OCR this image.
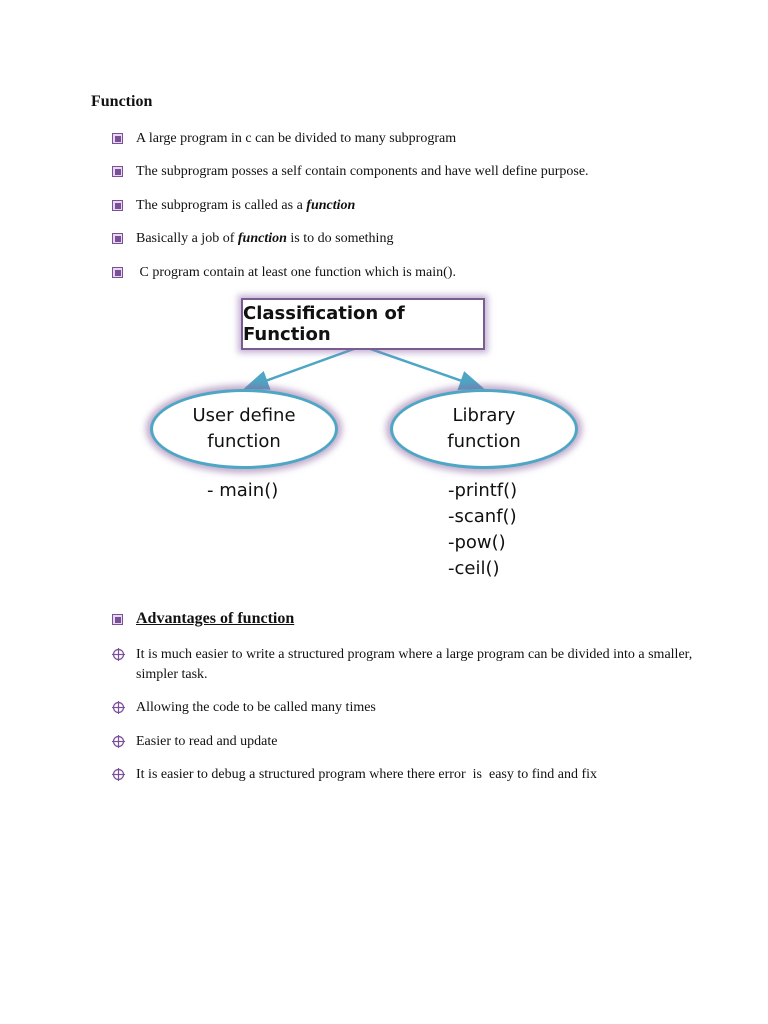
Function
A large program in c can be divided to many subprogram
The subprogram posses a self contain components and have well define purpose.
The subprogram is called as a function
Basically a job of function is to do something
C program contain at least one function which is main().
Classification of Function
User define
function
Library
function
- main()	-printf()
-scanf()
-pow()
-ceil()
Advantages of function
It is much easier to write a structured program where a large program can be divided into a smaller, simpler task.
Allowing the code to be called many times
Easier to read and update
It is easier to debug a structured program where there error  is  easy to find and fix
